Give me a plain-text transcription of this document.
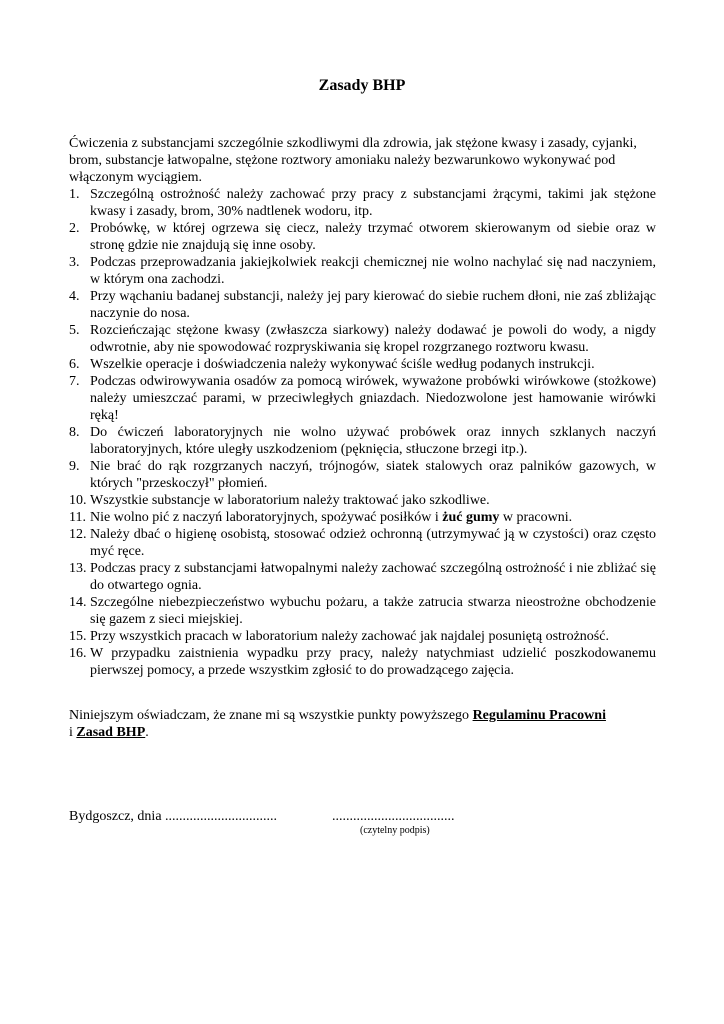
Zasady BHP

Ćwiczenia z substancjami szczególnie szkodliwymi dla zdrowia, jak stężone kwasy i zasady, cyjanki, brom, substancje łatwopalne, stężone roztwory amoniaku należy bezwarunkowo wykonywać pod włączonym wyciągiem.

1. Szczególną ostrożność należy zachować przy pracy z substancjami żrącymi, takimi jak stężone kwasy i zasady, brom, 30% nadtlenek wodoru, itp.
2. Probówkę, w której ogrzewa się ciecz, należy trzymać otworem skierowanym od siebie oraz w stronę gdzie nie znajdują się inne osoby.
3. Podczas przeprowadzania jakiejkolwiek reakcji chemicznej nie wolno nachylać się nad naczyniem, w którym ona zachodzi.
4. Przy wąchaniu badanej substancji, należy jej pary kierować do siebie ruchem dłoni, nie zaś zbliżając naczynie do nosa.
5. Rozcieńczając stężone kwasy (zwłaszcza siarkowy) należy dodawać je powoli do wody, a nigdy odwrotnie, aby nie spowodować rozpryskiwania się kropel rozgrzanego roztworu kwasu.
6. Wszelkie operacje i doświadczenia należy wykonywać ściśle według podanych instrukcji.
7. Podczas odwirowywania osadów za pomocą wirówek, wyważone probówki wirówkowe (stożkowe) należy umieszczać parami, w przeciwległych gniazdach. Niedozwolone jest hamowanie wirówki ręką!
8. Do ćwiczeń laboratoryjnych nie wolno używać probówek oraz innych szklanych naczyń laboratoryjnych, które uległy uszkodzeniom (pęknięcia, stłuczone brzegi itp.).
9. Nie brać do rąk rozgrzanych naczyń, trójnogów, siatek stalowych oraz palników gazowych, w których "przeskoczył" płomień.
10. Wszystkie substancje w laboratorium należy traktować jako szkodliwe.
11. Nie wolno pić z naczyń laboratoryjnych, spożywać posiłków i żuć gumy w pracowni.
12. Należy dbać o higienę osobistą, stosować odzież ochronną (utrzymywać ją w czystości) oraz często myć ręce.
13. Podczas pracy z substancjami łatwopalnymi należy zachować szczególną ostrożność i nie zbliżać się do otwartego ognia.
14. Szczególne niebezpieczeństwo wybuchu pożaru, a także zatrucia stwarza nieostrożne obchodzenie się gazem z sieci miejskiej.
15. Przy wszystkich pracach w laboratorium należy zachować jak najdalej posuniętą ostrożność.
16. W przypadku zaistnienia wypadku przy pracy, należy natychmiast udzielić poszkodowanemu pierwszej pomocy, a przede wszystkim zgłosić to do prowadzącego zajęcia.

Niniejszym oświadczam, że znane mi są wszystkie punkty powyższego Regulaminu Pracowni
i Zasad BHP.

Bydgoszcz, dnia ................................	...................................
(czytelny podpis)
